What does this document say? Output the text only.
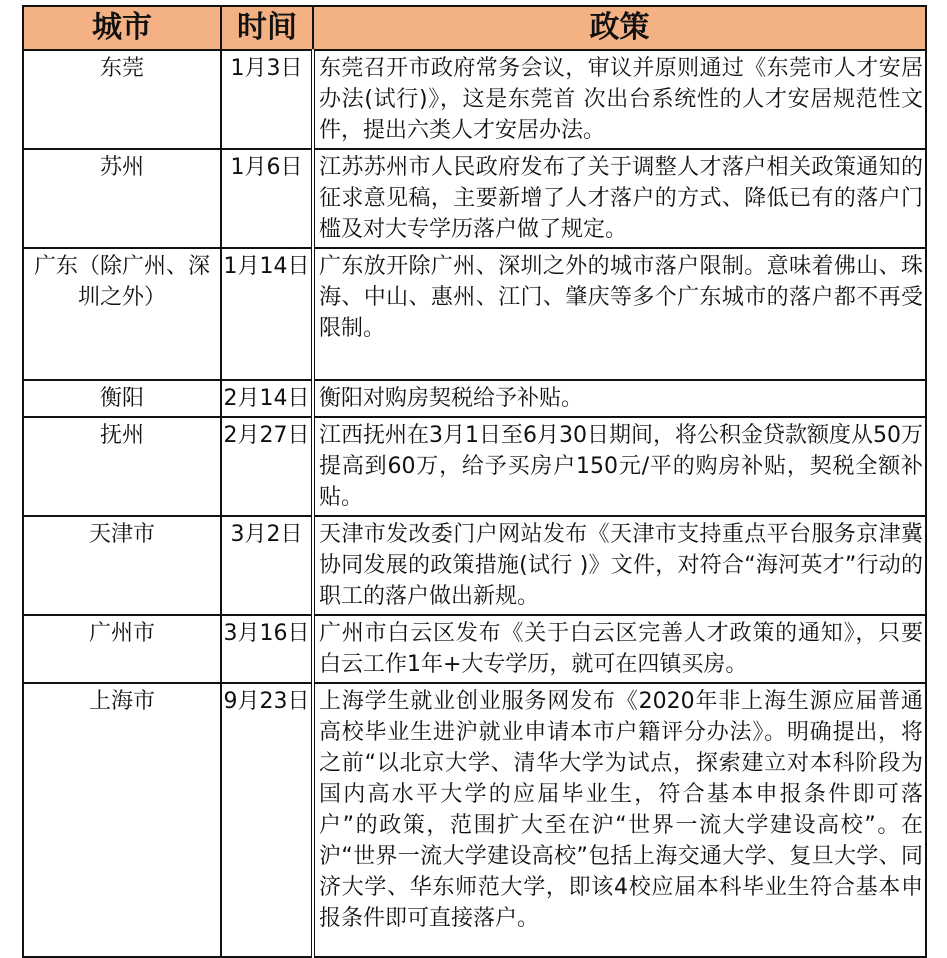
城市	时间	政策
东莞	1月3日	东莞召开市政府常务会议，审议并原则通过《东莞市人才安居办法(试行)》，这是东莞首 次出台系统性的人才安居规范性文件，提出六类人才安居办法。
苏州	1月6日	江苏苏州市人民政府发布了关于调整人才落户相关政策通知的征求意见稿，主要新增了人才落户的方式、降低已有的落户门槛及对大专学历落户做了规定。
广东（除广州、深圳之外）	1月14日	广东放开除广州、深圳之外的城市落户限制。意味着佛山、珠海、中山、惠州、江门、肇庆等多个广东城市的落户都不再受限制。
衡阳	2月14日	衡阳对购房契税给予补贴。
抚州	2月27日	江西抚州在3月1日至6月30日期间，将公积金贷款额度从50万提高到60万，给予买房户150元/平的购房补贴，契税全额补贴。
天津市	3月2日	天津市发改委门户网站发布《天津市支持重点平台服务京津冀协同发展的政策措施(试行 )》文件，对符合“海河英才”行动的职工的落户做出新规。
广州市	3月16日	广州市白云区发布《关于白云区完善人才政策的通知》，只要白云工作1年+大专学历，就可在四镇买房。
上海市	9月23日	上海学生就业创业服务网发布《2020年非上海生源应届普通高校毕业生进沪就业申请本市户籍评分办法》。明确提出，将之前“以北京大学、清华大学为试点，探索建立对本科阶段为国内高水平大学的应届毕业生，符合基本申报条件即可落户”的政策，范围扩大至在沪“世界一流大学建设高校”。在沪“世界一流大学建设高校”包括上海交通大学、复旦大学、同济大学、华东师范大学，即该4校应届本科毕业生符合基本申报条件即可直接落户。
